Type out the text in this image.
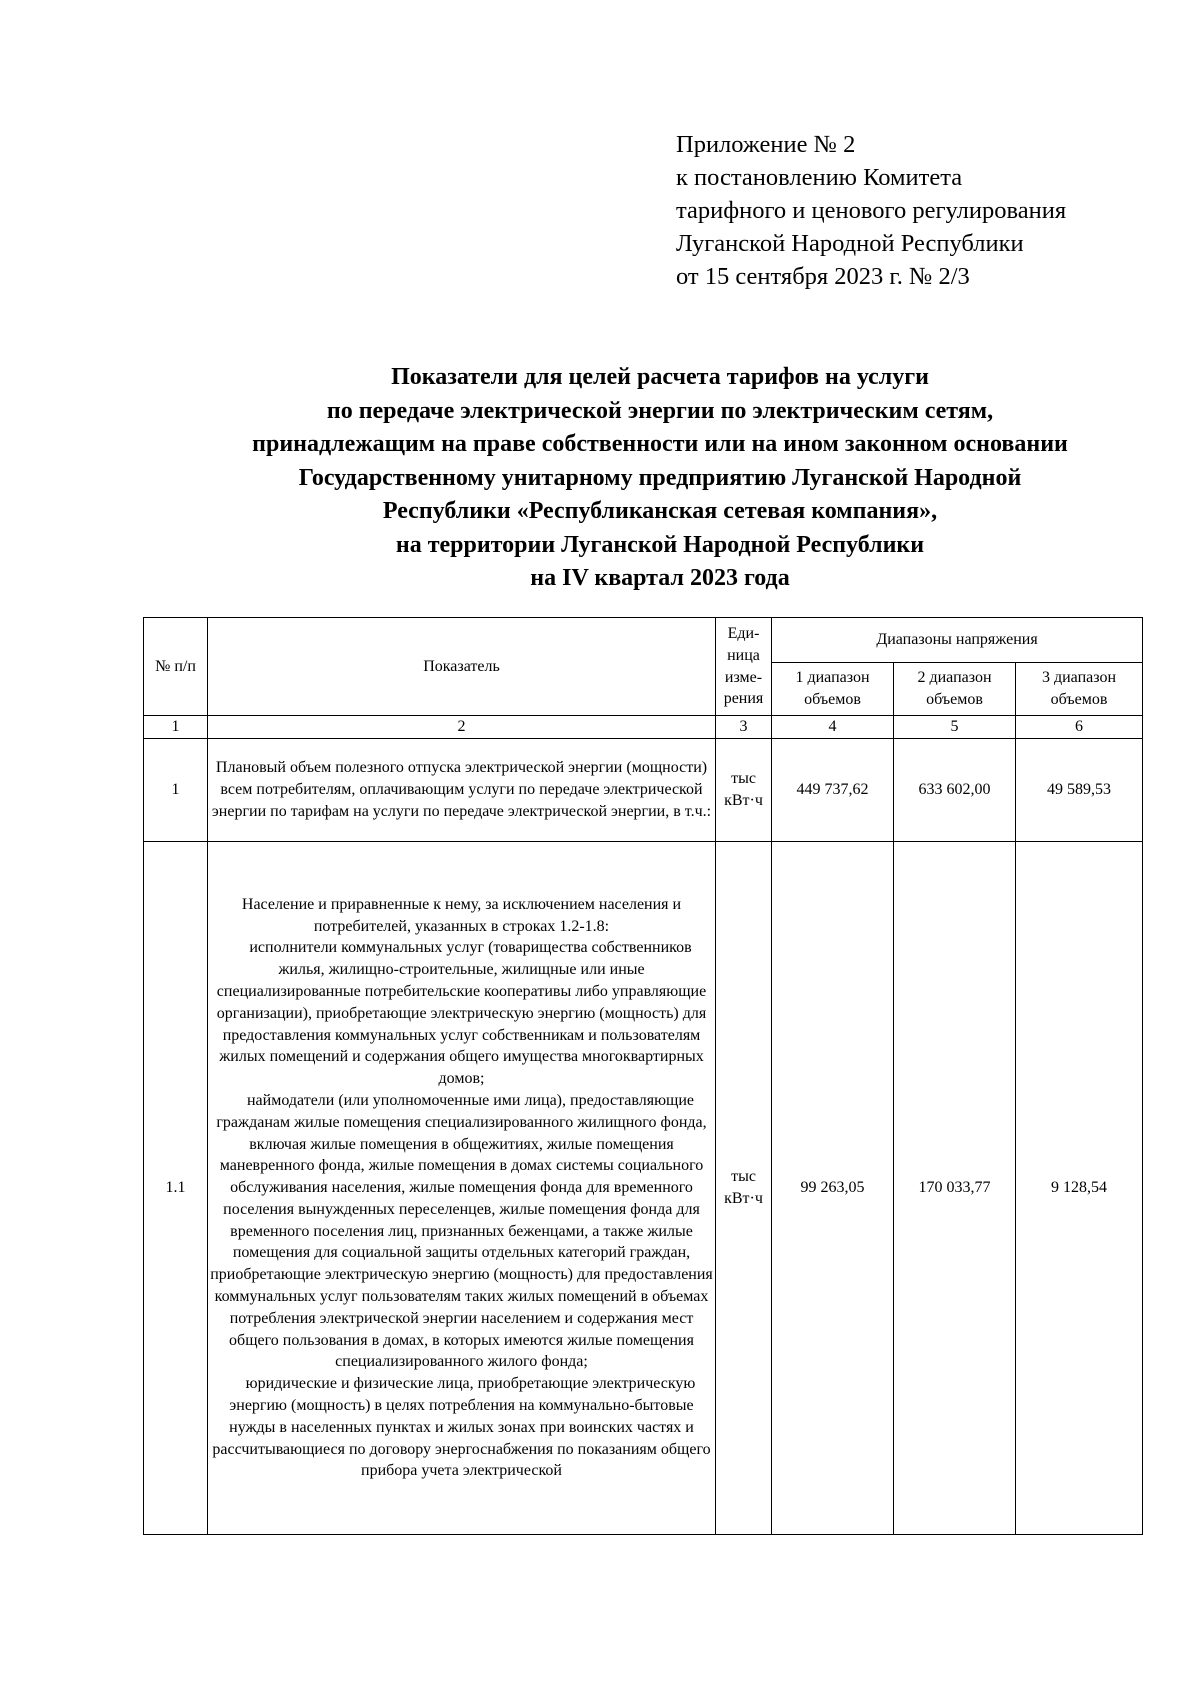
Приложение № 2
к постановлению Комитета
тарифного и ценового регулирования
Луганской Народной Республики
от 15 сентября 2023 г. № 2/3
Показатели для целей расчета тарифов на услуги
по передаче электрической энергии по электрическим сетям,
принадлежащим на праве собственности или на ином законном основании
Государственному унитарному предприятию Луганской Народной
Республики «Республиканская сетевая компания»,
на территории Луганской Народной Республики
на IV квартал 2023 года
№ п/п	Показатель	Еди-ница изме-рения	Диапазоны напряжения		
			1 диапазон объемов	2 диапазон объемов	3 диапазон объемов
1	2	3	4	5	6
1	Плановый объем полезного отпуска электрической энергии (мощности) всем потребителям, оплачивающим услуги по передаче электрической энергии по тарифам на услуги по передаче электрической энергии, в т.ч.:	тыс кВт·ч	449 737,62	633 602,00	49 589,53
1.1	Население и приравненные к нему, за исключением населения и потребителей, указанных в строках 1.2-1.8:
исполнители коммунальных услуг (товарищества собственников жилья, жилищно-строительные, жилищные или иные специализированные потребительские кооперативы либо управляющие организации), приобретающие электрическую энергию (мощность) для предоставления коммунальных услуг собственникам и пользователям жилых помещений и содержания общего имущества многоквартирных домов;
наймодатели (или уполномоченные ими лица), предоставляющие гражданам жилые помещения специализированного жилищного фонда, включая жилые помещения в общежитиях, жилые помещения маневренного фонда, жилые помещения в домах системы социального обслуживания населения, жилые помещения фонда для временного поселения вынужденных переселенцев, жилые помещения фонда для временного поселения лиц, признанных беженцами, а также жилые помещения для социальной защиты отдельных категорий граждан, приобретающие электрическую энергию (мощность) для предоставления коммунальных услуг пользователям таких жилых помещений в объемах потребления электрической энергии населением и содержания мест общего пользования в домах, в которых имеются жилые помещения специализированного жилого фонда;
юридические и физические лица, приобретающие электрическую энергию (мощность) в целях потребления на коммунально-бытовые нужды в населенных пунктах и жилых зонах при воинских частях и рассчитывающиеся по договору энергоснабжения по показаниям общего прибора учета электрической	тыс кВт·ч	99 263,05	170 033,77	9 128,54
